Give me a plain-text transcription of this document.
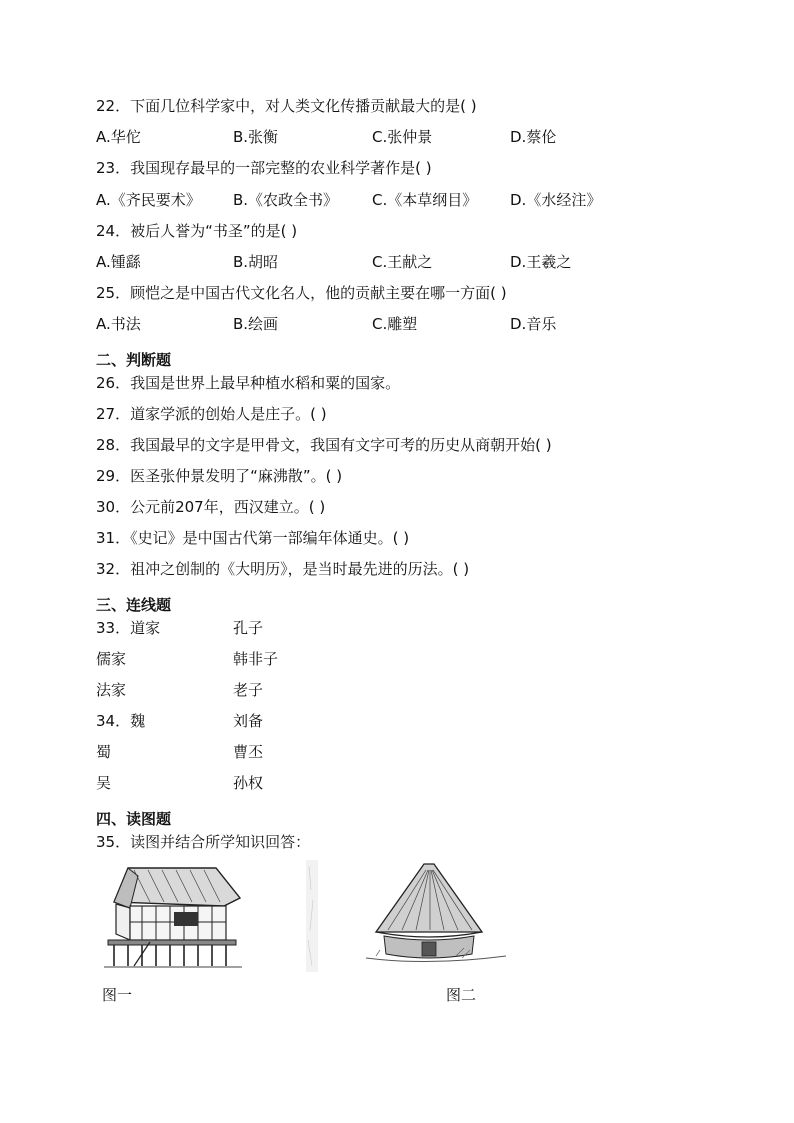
22．下面几位科学家中，对人类文化传播贡献最大的是( )
A.华佗	B.张衡	C.张仲景	D.蔡伦
23．我国现存最早的一部完整的农业科学著作是( )
A.《齐民要术》 B.《农政全书》 C.《本草纲目》 D.《水经注》
24．被后人誉为“书圣”的是( )
A.锺繇	B.胡昭	C.王献之	D.王羲之
25．顾恺之是中国古代文化名人，他的贡献主要在哪一方面( )
A.书法	B.绘画	C.雕塑	D.音乐
二、判断题
26．我国是世界上最早种植水稻和粟的国家。
27．道家学派的创始人是庄子。( )
28．我国最早的文字是甲骨文，我国有文字可考的历史从商朝开始( )
29．医圣张仲景发明了“麻沸散”。( )
30．公元前207年，西汉建立。( )
31．《史记》是中国古代第一部编年体通史。( )
32．祖冲之创制的《大明历》，是当时最先进的历法。( )
三、连线题
33．道家	孔子
儒家	韩非子
法家	老子
34．魏	刘备
蜀	曹丕
吴	孙权
四、读图题
35．读图并结合所学知识回答：
图一	图二
